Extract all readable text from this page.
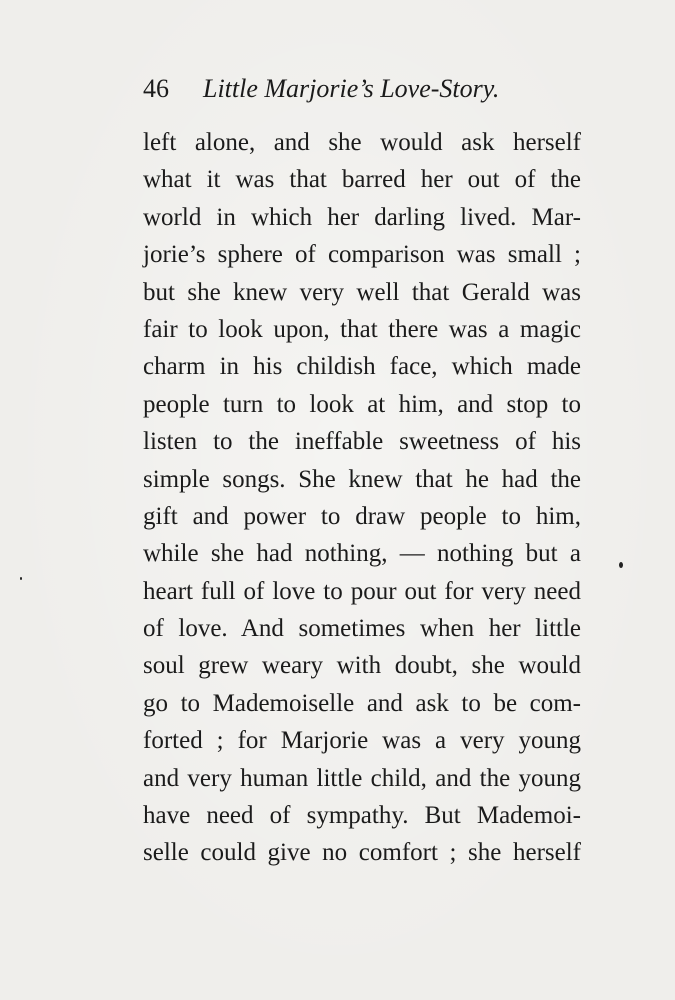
46 Little Marjorie’s Love-Story.
left alone, and she would ask herself
what it was that barred her out of the
world in which her darling lived. Mar-
jorie’s sphere of comparison was small ;
but she knew very well that Gerald was
fair to look upon, that there was a magic
charm in his childish face, which made
people turn to look at him, and stop to
listen to the ineffable sweetness of his
simple songs. She knew that he had the
gift and power to draw people to him,
while she had nothing, — nothing but a
heart full of love to pour out for very need
of love. And sometimes when her little
soul grew weary with doubt, she would
go to Mademoiselle and ask to be com-
forted ; for Marjorie was a very young
and very human little child, and the young
have need of sympathy. But Mademoi-
selle could give no comfort ; she herself
